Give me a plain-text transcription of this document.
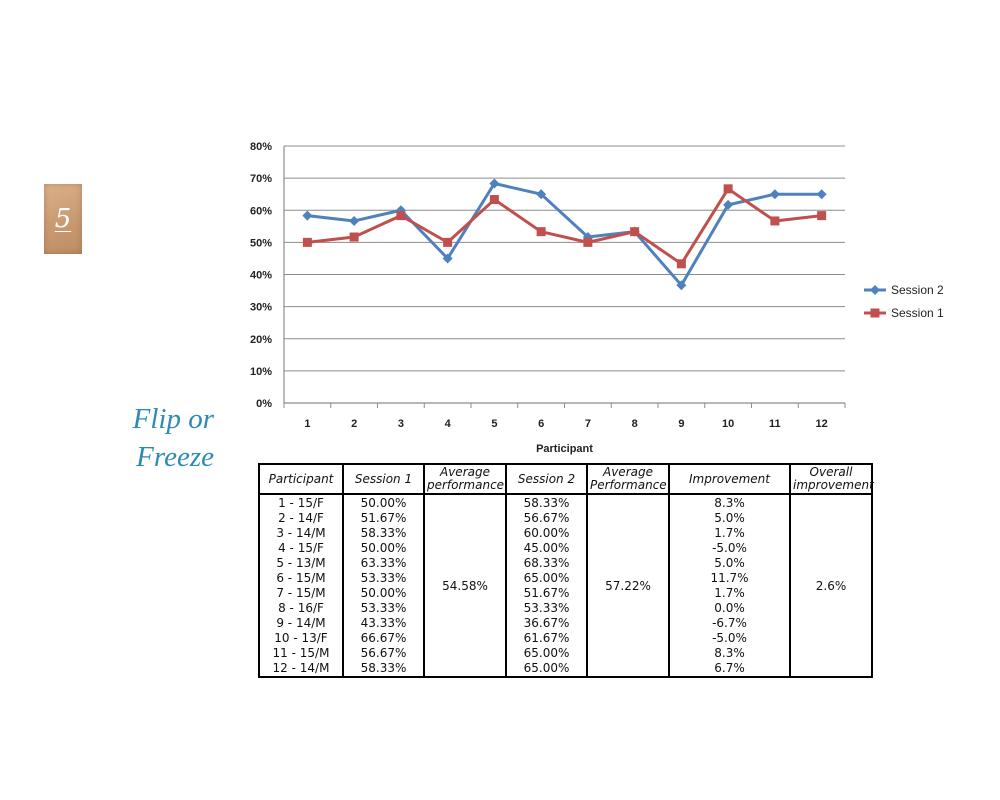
5
Flip or
Freeze
0%
10%
20%
30%
40%
50%
60%
70%
80%
1	2	3	4	5	6	7	8	9	10	11	12
Participant
Session 2
Session 1
Participant	Session 1	Average performance	Session 2	Average Performance	Improvement	Overall improvement
1 - 15/F	50.00%	54.58%	58.33%	57.22%	8.3%	2.6%
2 - 14/F	51.67%		56.67%		5.0%	
3 - 14/M	58.33%		60.00%		1.7%	
4 - 15/F	50.00%		45.00%		-5.0%	
5 - 13/M	63.33%		68.33%		5.0%	
6 - 15/M	53.33%		65.00%		11.7%	
7 - 15/M	50.00%		51.67%		1.7%	
8 - 16/F	53.33%		53.33%		0.0%	
9 - 14/M	43.33%		36.67%		-6.7%	
10 - 13/F	66.67%		61.67%		-5.0%	
11 - 15/M	56.67%		65.00%		8.3%	
12 - 14/M	58.33%		65.00%		6.7%	
